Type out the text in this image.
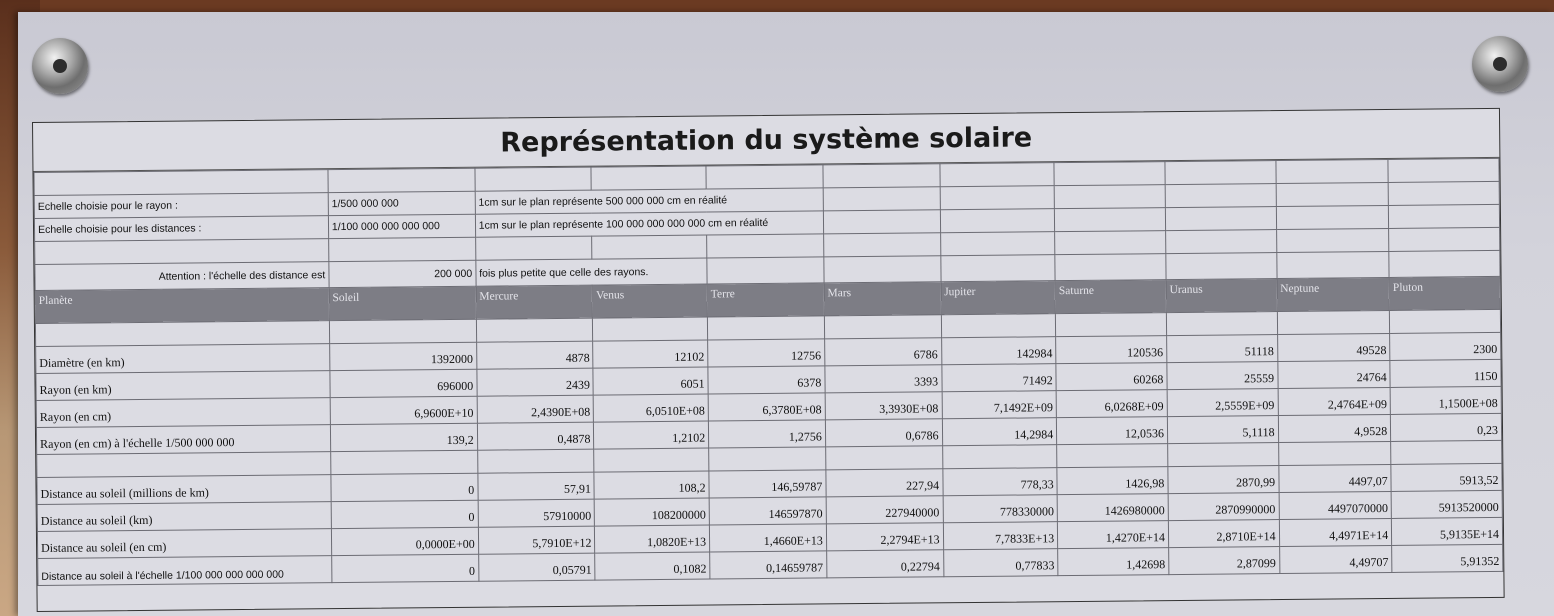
Représentation du système solaire

Echelle choisie pour le rayon :	1/500 000 000	1cm sur le plan représente 500 000 000 cm en réalité								
Echelle choisie pour les distances :	1/100 000 000 000 000	1cm sur le plan représente 100 000 000 000 000 cm en réalité								

Attention : l'échelle des distance est	200 000	fois plus petite que celle des rayons.								
Planète	Soleil	Mercure	Venus	Terre	Mars	Jupiter	Saturne	Uranus	Neptune	Pluton

Diamètre (en km)	1392000	4878	12102	12756	6786	142984	120536	51118	49528	2300
Rayon (en km)	696000	2439	6051	6378	3393	71492	60268	25559	24764	1150
Rayon (en cm)	6,9600E+10	2,4390E+08	6,0510E+08	6,3780E+08	3,3930E+08	7,1492E+09	6,0268E+09	2,5559E+09	2,4764E+09	1,1500E+08
Rayon (en cm) à l'échelle 1/500 000 000	139,2	0,4878	1,2102	1,2756	0,6786	14,2984	12,0536	5,1118	4,9528	0,23

Distance au soleil (millions de km)	0	57,91	108,2	146,59787	227,94	778,33	1426,98	2870,99	4497,07	5913,52
Distance au soleil (km)	0	57910000	108200000	146597870	227940000	778330000	1426980000	2870990000	4497070000	5913520000
Distance au soleil (en cm)	0,0000E+00	5,7910E+12	1,0820E+13	1,4660E+13	2,2794E+13	7,7833E+13	1,4270E+14	2,8710E+14	4,4971E+14	5,9135E+14
Distance au soleil à l'échelle 1/100 000 000 000 000	0	0,05791	0,1082	0,14659787	0,22794	0,77833	1,42698	2,87099	4,49707	5,91352
